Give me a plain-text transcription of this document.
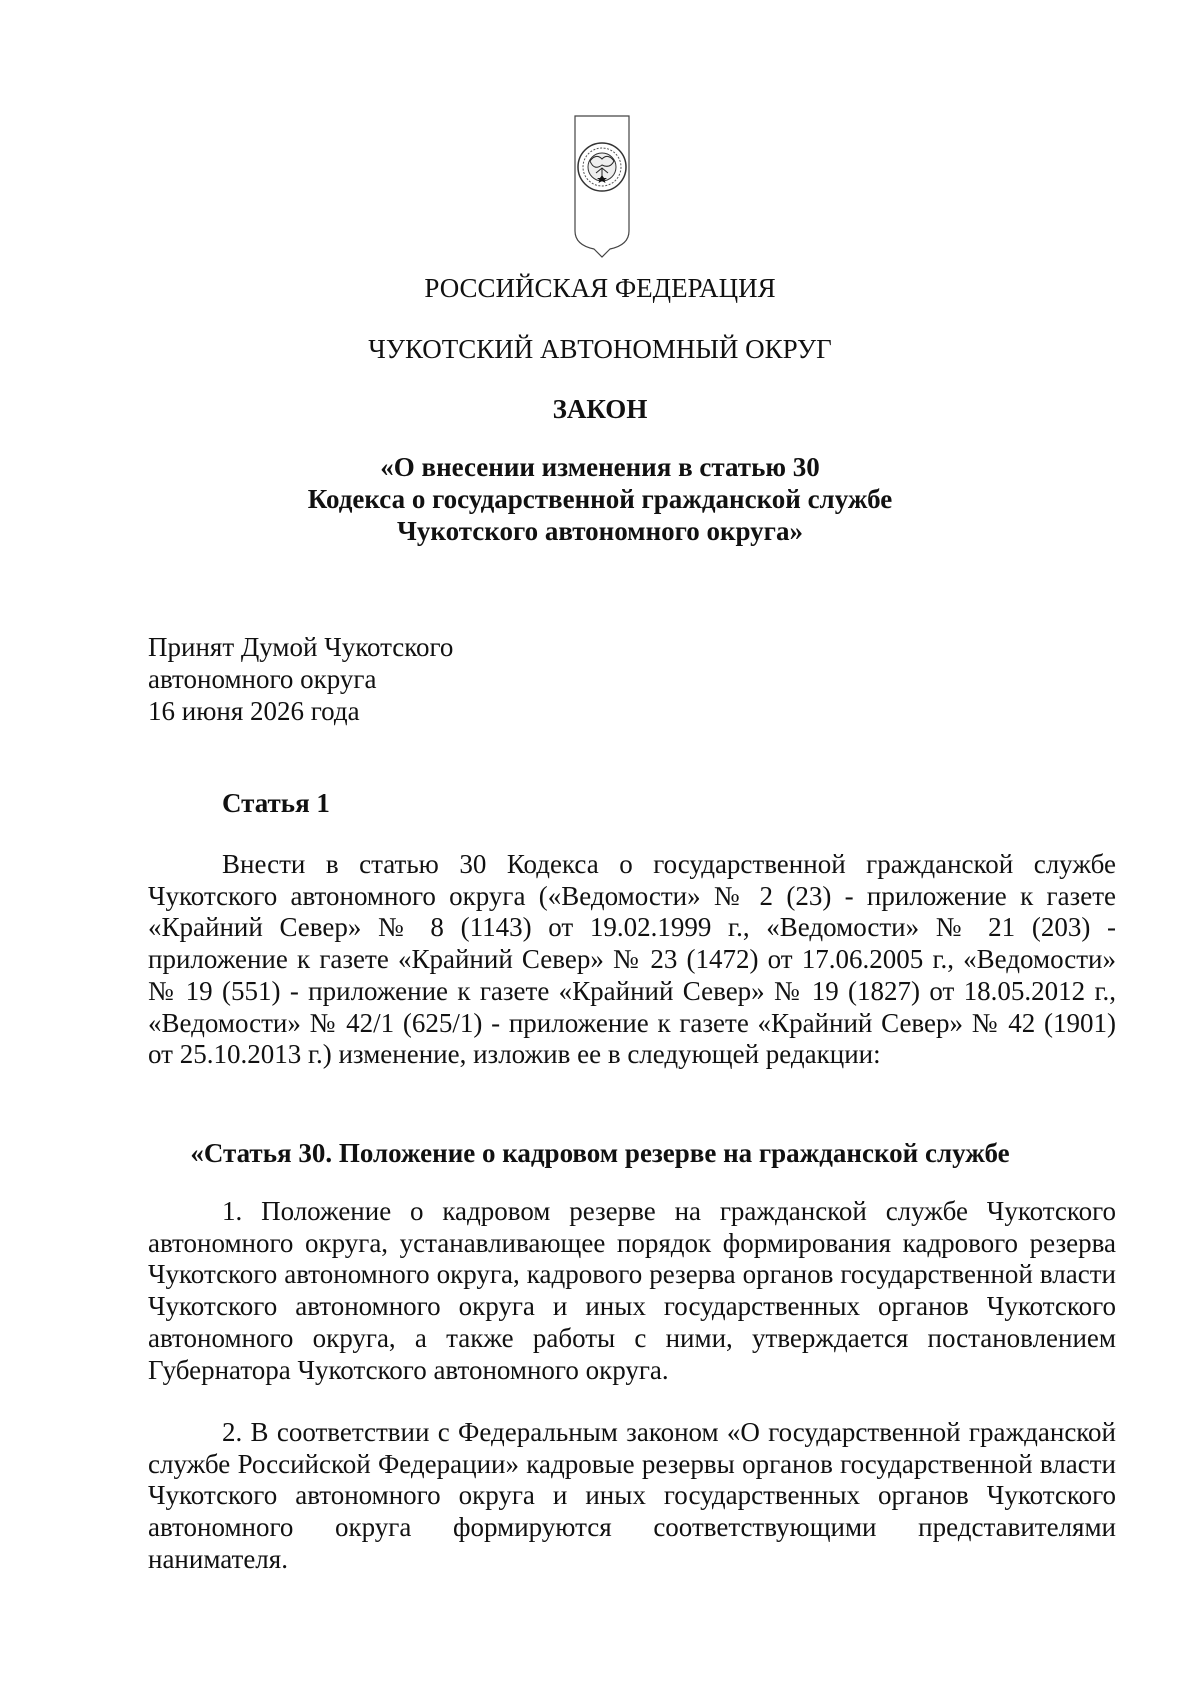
РОССИЙСКАЯ ФЕДЕРАЦИЯ
ЧУКОТСКИЙ АВТОНОМНЫЙ ОКРУГ
ЗАКОН
«О внесении изменения в статью 30
Кодекса о государственной гражданской службе
Чукотского автономного округа»
Принят Думой Чукотского
автономного округа
16 июня 2026 года
Статья 1
Внести в статью 30 Кодекса о государственной гражданской службе Чукотского автономного округа («Ведомости» № 2 (23) - приложение к газете «Крайний Север» № 8 (1143) от 19.02.1999 г., «Ведомости» № 21 (203) - приложение к газете «Крайний Север» № 23 (1472) от 17.06.2005 г., «Ведомости» № 19 (551) - приложение к газете «Крайний Север» № 19 (1827) от 18.05.2012 г., «Ведомости» № 42/1 (625/1) - приложение к газете «Крайний Север» № 42 (1901) от 25.10.2013 г.) изменение, изложив ее в следующей редакции:
«Статья 30. Положение о кадровом резерве на гражданской службе
1. Положение о кадровом резерве на гражданской службе Чукотского автономного округа, устанавливающее порядок формирования кадрового резерва Чукотского автономного округа, кадрового резерва органов государственной власти Чукотского автономного округа и иных государственных органов Чукотского автономного округа, а также работы с ними, утверждается постановлением Губернатора Чукотского автономного округа.
2. В соответствии с Федеральным законом «О государственной гражданской службе Российской Федерации» кадровые резервы органов государственной власти Чукотского автономного округа и иных государственных органов Чукотского автономного округа формируются соответствующими представителями нанимателя.
